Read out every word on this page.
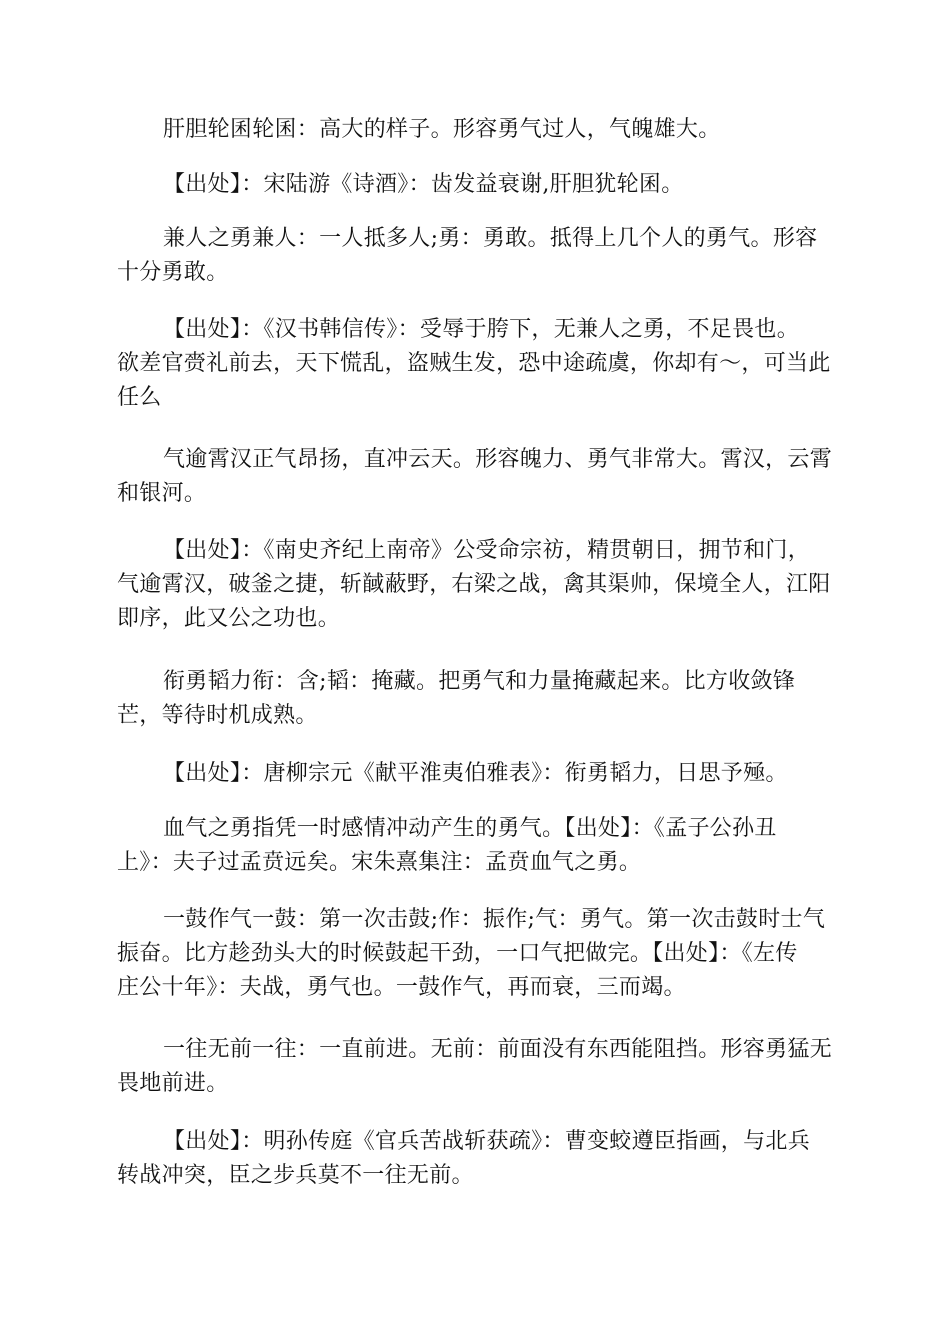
肝胆轮囷轮囷：高大的样子。形容勇气过人，气魄雄大。

【出处】：宋陆游《诗酒》：齿发益衰谢,肝胆犹轮囷。

兼人之勇兼人：一人抵多人;勇：勇敢。抵得上几个人的勇气。形容
十分勇敢。

【出处】：《汉书韩信传》：受辱于胯下，无兼人之勇，不足畏也。
欲差官赍礼前去，天下慌乱，盗贼生发，恐中途疏虞，你却有～，可当此
任么

气逾霄汉正气昂扬，直冲云天。形容魄力、勇气非常大。霄汉，云霄
和银河。

【出处】：《南史齐纪上南帝》公受命宗祊，精贯朝日，拥节和门，
气逾霄汉，破釜之捷，斩馘蔽野，右梁之战，禽其渠帅，保境全人，江阳
即序，此又公之功也。

衔勇韬力衔：含;韬：掩藏。把勇气和力量掩藏起来。比方收敛锋
芒，等待时机成熟。

【出处】：唐柳宗元《献平淮夷伯雅表》：衔勇韬力，日思予殛。

血气之勇指凭一时感情冲动产生的勇气。【出处】：《孟子公孙丑
上》：夫子过孟贲远矣。宋朱熹集注：孟贲血气之勇。

一鼓作气一鼓：第一次击鼓;作：振作;气：勇气。第一次击鼓时士气
振奋。比方趁劲头大的时候鼓起干劲，一口气把做完。【出处】：《左传
庄公十年》：夫战，勇气也。一鼓作气，再而衰，三而竭。

一往无前一往：一直前进。无前：前面没有东西能阻挡。形容勇猛无
畏地前进。

【出处】：明孙传庭《官兵苦战斩获疏》：曹变蛟遵臣指画，与北兵
转战冲突，臣之步兵莫不一往无前。
